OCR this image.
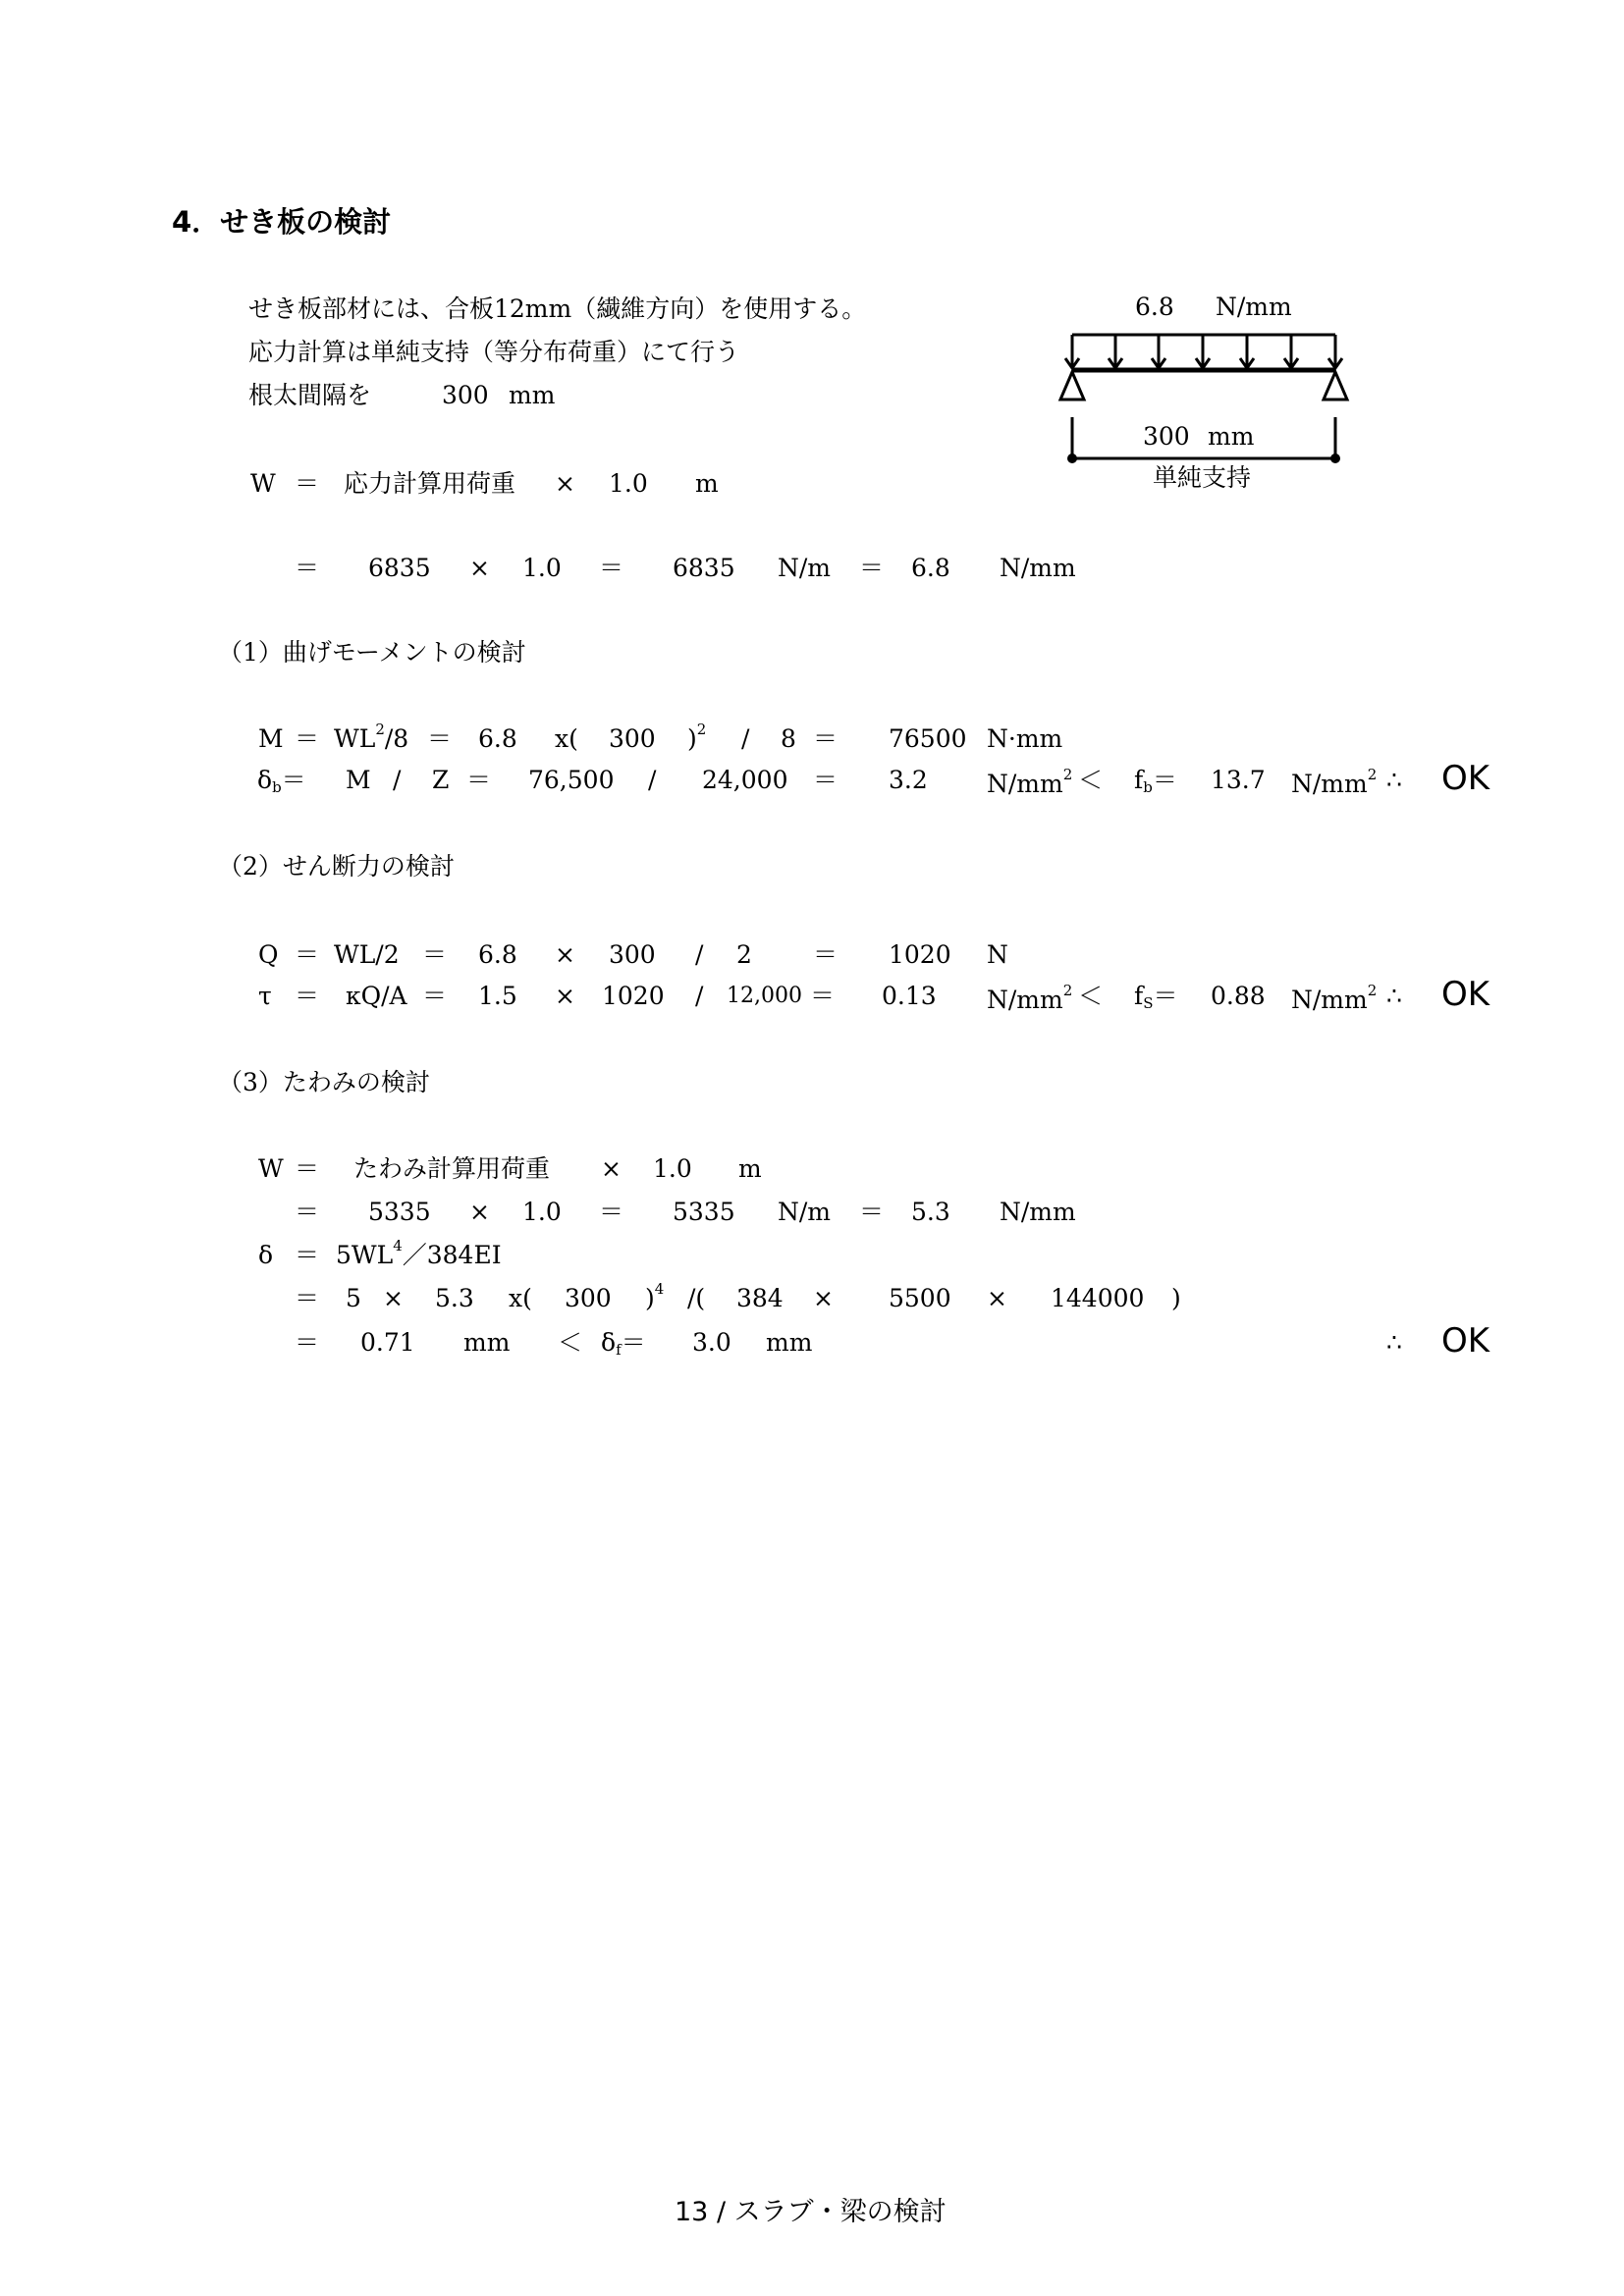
4．せき板の検討
せき板部材には、合板12mm（繊維方向）を使用する。
応力計算は単純支持（等分布荷重）にて行う
根太間隔を	300 mm
6.8 N/mm
300 mm
単純支持
W ＝ 応力計算用荷重 × 1.0 m
＝ 6835 × 1.0 ＝ 6835 N/m ＝ 6.8 N/mm
（1）曲げモーメントの検討
$M = WL^2/8 = 6.8$ x( 300 )$^2$ / 8 ＝ 76500 N·mm
$\delta_b= M / Z = 76,500 / 24,000 = 3.2$ $N/mm^2 < f_b= 13.7$ $N/mm^2$ ∴ OK
（2）せん断力の検討
Q ＝ WL/2 ＝ 6.8 × 300 / 2 ＝ 1020 N
τ ＝ κQ/A ＝ 1.5 × 1020 / 12,000 ＝ 0.13 $N/mm^2 < f_S= 0.88$ $N/mm^2$ ∴ OK
（3）たわみの検討
W ＝ たわみ計算用荷重 × 1.0 m
＝ 5335 × 1.0 ＝ 5335 N/m ＝ 5.3 N/mm
$\delta = 5WL^4/384EI$
＝ 5 × 5.3 x( 300 )$^4$ /( 384 × 5500 × 144000 )
＝ 0.71 mm ＜ $\delta_f= 3.0$ mm	∴ OK
13 / スラブ・梁の検討
